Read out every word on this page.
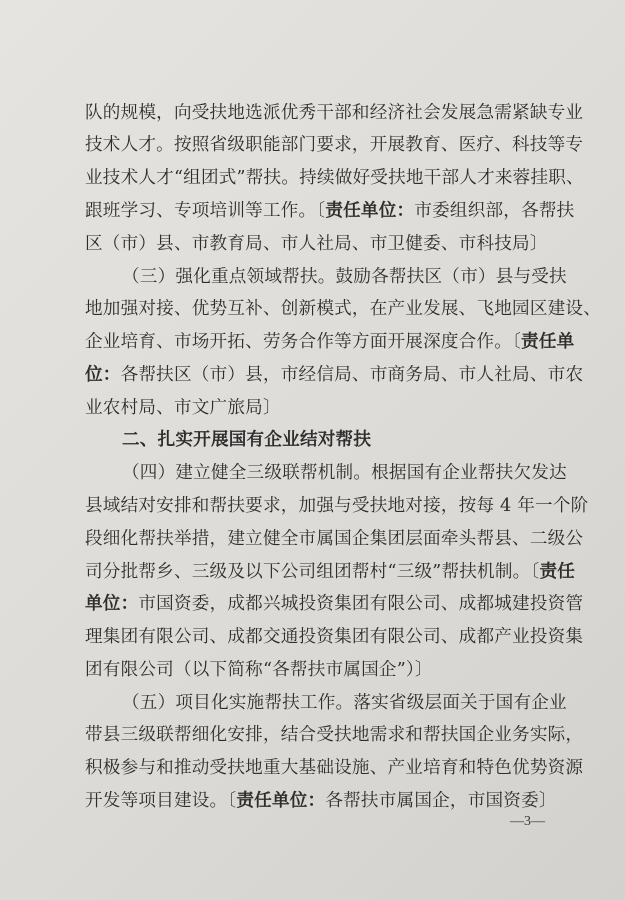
队的规模，向受扶地选派优秀干部和经济社会发展急需紧缺专业
技术人才。按照省级职能部门要求，开展教育、医疗、科技等专
业技术人才“组团式”帮扶。持续做好受扶地干部人才来蓉挂职、
跟班学习、专项培训等工作。〔责任单位：市委组织部，各帮扶
区（市）县、市教育局、市人社局、市卫健委、市科技局〕
（三）强化重点领域帮扶。鼓励各帮扶区（市）县与受扶
地加强对接、优势互补、创新模式，在产业发展、飞地园区建设、
企业培育、市场开拓、劳务合作等方面开展深度合作。〔责任单
位：各帮扶区（市）县，市经信局、市商务局、市人社局、市农
业农村局、市文广旅局〕
二、扎实开展国有企业结对帮扶
（四）建立健全三级联帮机制。根据国有企业帮扶欠发达
县域结对安排和帮扶要求，加强与受扶地对接，按每 4 年一个阶
段细化帮扶举措，建立健全市属国企集团层面牵头帮县、二级公
司分批帮乡、三级及以下公司组团帮村“三级”帮扶机制。〔责任
单位：市国资委，成都兴城投资集团有限公司、成都城建投资管
理集团有限公司、成都交通投资集团有限公司、成都产业投资集
团有限公司（以下简称“各帮扶市属国企”）〕
（五）项目化实施帮扶工作。落实省级层面关于国有企业
带县三级联帮细化安排，结合受扶地需求和帮扶国企业务实际，
积极参与和推动受扶地重大基础设施、产业培育和特色优势资源
开发等项目建设。〔责任单位：各帮扶市属国企，市国资委〕
—3—
